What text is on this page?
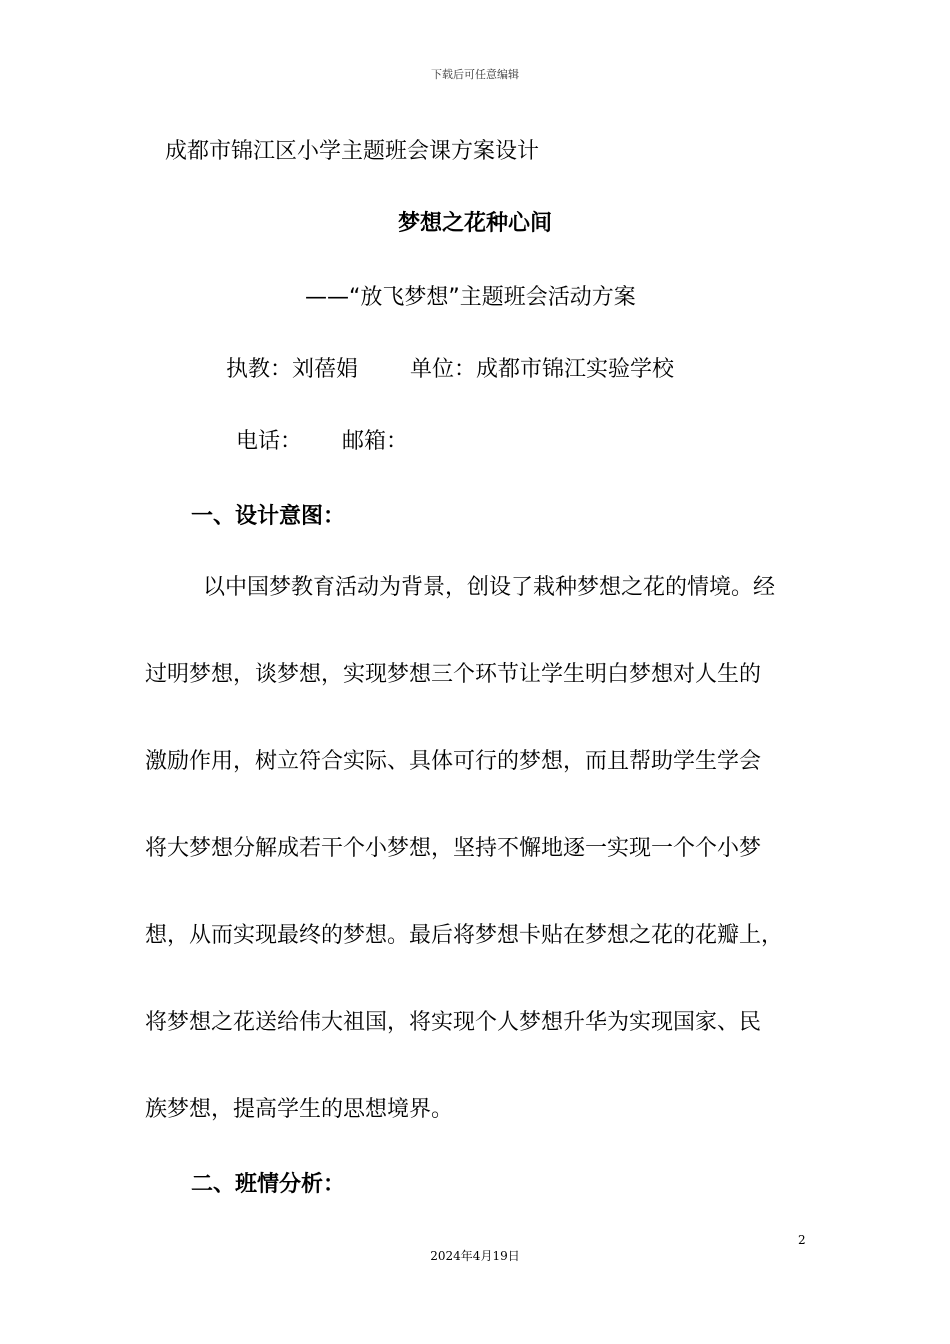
下载后可任意编辑
成都市锦江区小学主题班会课方案设计
梦想之花种心间
——“放飞梦想”主题班会活动方案
执教：刘蓓娟 单位：成都市锦江实验学校
电话： 邮箱：
一、设计意图：
以中国梦教育活动为背景，创设了栽种梦想之花的情境。经
过明梦想，谈梦想，实现梦想三个环节让学生明白梦想对人生的
激励作用，树立符合实际、具体可行的梦想，而且帮助学生学会
将大梦想分解成若干个小梦想，坚持不懈地逐一实现一个个小梦
想，从而实现最终的梦想。最后将梦想卡贴在梦想之花的花瓣上，
将梦想之花送给伟大祖国，将实现个人梦想升华为实现国家、民
族梦想，提高学生的思想境界。
二、班情分析：
2
2024年4月19日
